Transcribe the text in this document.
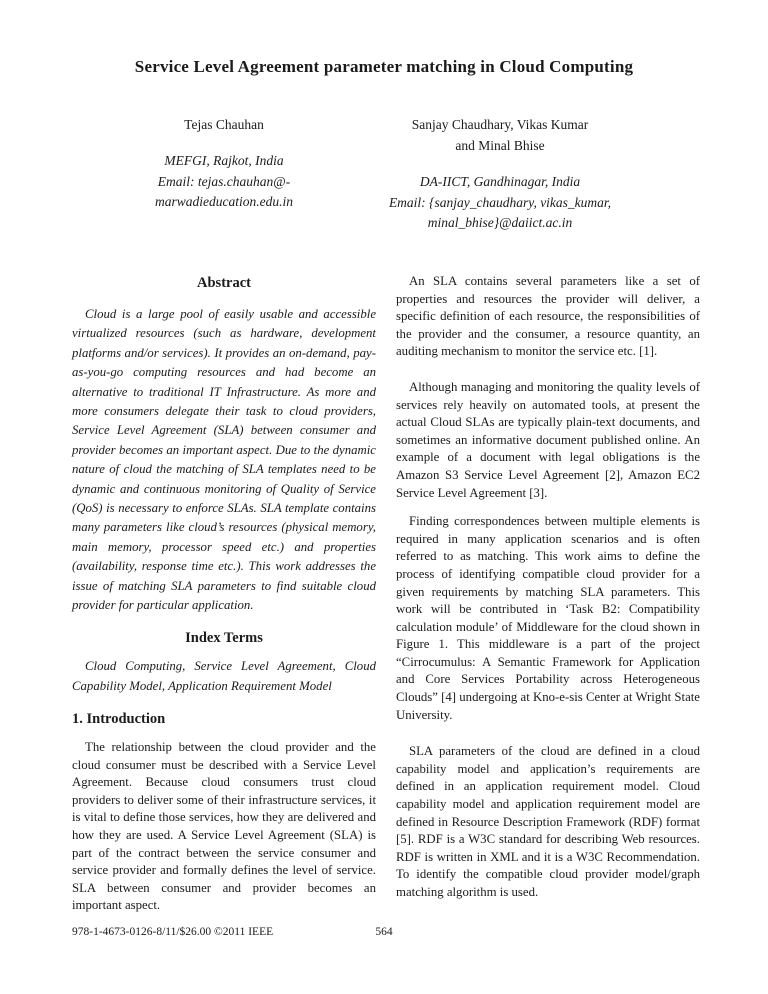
Service Level Agreement parameter matching in Cloud Computing
Tejas Chauhan
MEFGI, Rajkot, India
Email: tejas.chauhan@-
marwadieducation.edu.in
Sanjay Chaudhary, Vikas Kumar
and Minal Bhise
DA-IICT, Gandhinagar, India
Email: {sanjay_chaudhary, vikas_kumar,
minal_bhise}@daiict.ac.in
Abstract

Cloud is a large pool of easily usable and accessible virtualized resources (such as hardware, development platforms and/or services). It provides an on-demand, pay-as-you-go computing resources and had become an alternative to traditional IT Infrastructure. As more and more consumers delegate their task to cloud providers, Service Level Agreement (SLA) between consumer and provider becomes an important aspect. Due to the dynamic nature of cloud the matching of SLA templates need to be dynamic and continuous monitoring of Quality of Service (QoS) is necessary to enforce SLAs. SLA template contains many parameters like cloud’s resources (physical memory, main memory, processor speed etc.) and properties (availability, response time etc.). This work addresses the issue of matching SLA parameters to find suitable cloud provider for particular application.

Index Terms

Cloud Computing, Service Level Agreement, Cloud Capability Model, Application Requirement Model

1. Introduction

The relationship between the cloud provider and the cloud consumer must be described with a Service Level Agreement. Because cloud consumers trust cloud providers to deliver some of their infrastructure services, it is vital to define those services, how they are delivered and how they are used. A Service Level Agreement (SLA) is part of the contract between the service consumer and service provider and formally defines the level of service. SLA between consumer and provider becomes an important aspect.

An SLA contains several parameters like a set of properties and resources the provider will deliver, a specific definition of each resource, the responsibilities of the provider and the consumer, a resource quantity, an auditing mechanism to monitor the service etc. [1].

Although managing and monitoring the quality levels of services rely heavily on automated tools, at present the actual Cloud SLAs are typically plain-text documents, and sometimes an informative document published online. An example of a document with legal obligations is the Amazon S3 Service Level Agreement [2], Amazon EC2 Service Level Agreement [3].

Finding correspondences between multiple elements is required in many application scenarios and is often referred to as matching. This work aims to define the process of identifying compatible cloud provider for a given requirements by matching SLA parameters. This work will be contributed in ‘Task B2: Compatibility calculation module’ of Middleware for the cloud shown in Figure 1. This middleware is a part of the project “Cirrocumulus: A Semantic Framework for Application and Core Services Portability across Heterogeneous Clouds” [4] undergoing at Kno-e-sis Center at Wright State University.

SLA parameters of the cloud are defined in a cloud capability model and application’s requirements are defined in an application requirement model. Cloud capability model and application requirement model are defined in Resource Description Framework (RDF) format [5]. RDF is a W3C standard for describing Web resources. RDF is written in XML and it is a W3C Recommendation. To identify the compatible cloud provider model/graph matching algorithm is used.

564
978-1-4673-0126-8/11/$26.00 ©2011 IEEE
